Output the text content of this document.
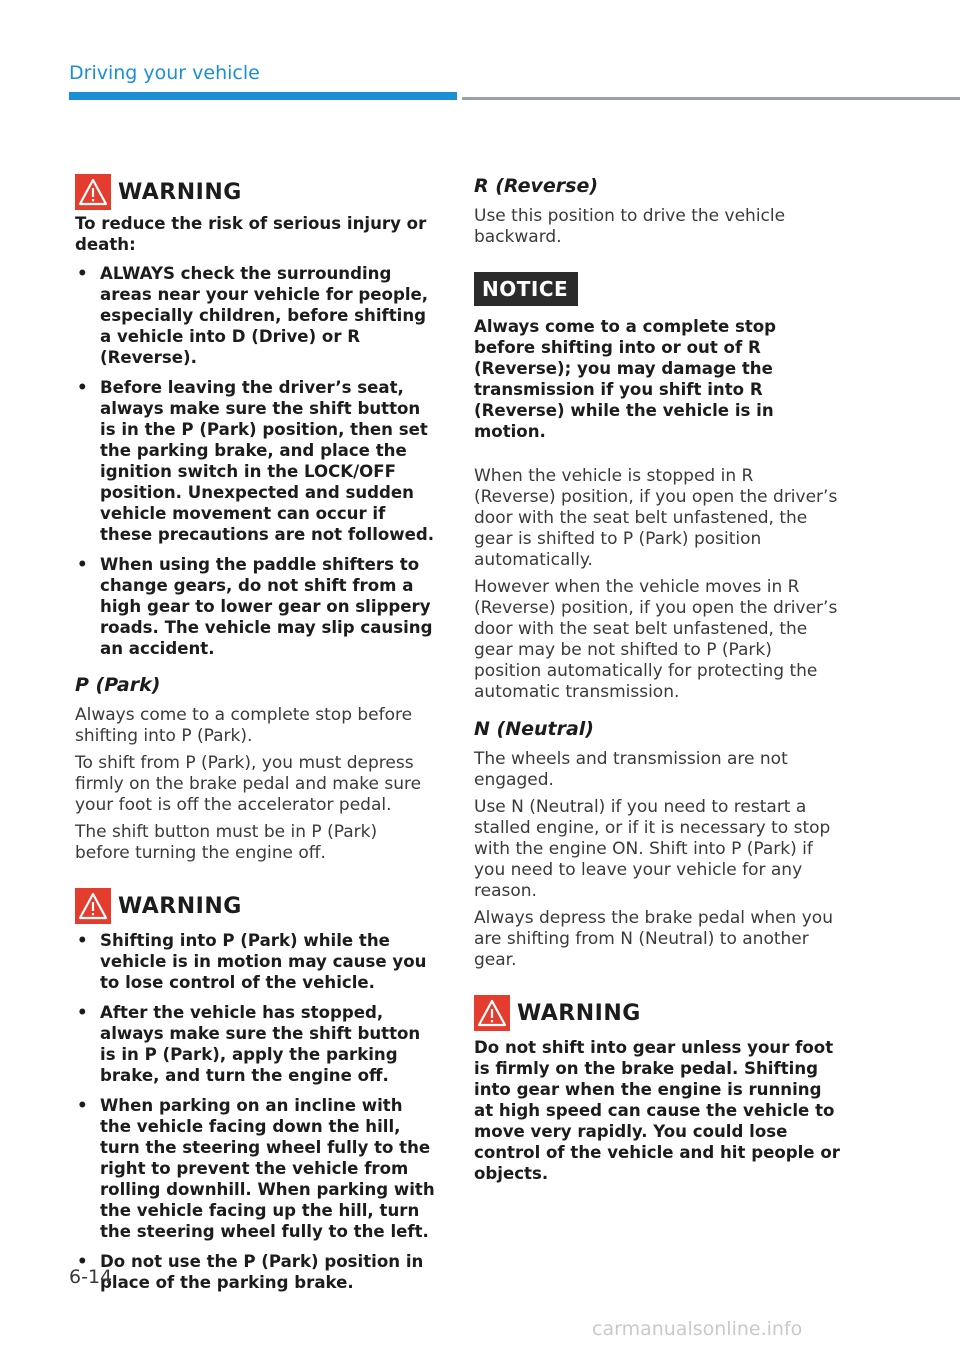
Driving your vehicle
WARNING

To reduce the risk of serious injury or death:

• ALWAYS check the surrounding areas near your vehicle for people, especially children, before shifting a vehicle into D (Drive) or R (Reverse).
• Before leaving the driver’s seat, always make sure the shift button is in the P (Park) position, then set the parking brake, and place the ignition switch in the LOCK/OFF position. Unexpected and sudden vehicle movement can occur if these precautions are not followed.
• When using the paddle shifters to change gears, do not shift from a high gear to lower gear on slippery roads. The vehicle may slip causing an accident.
P (Park)

Always come to a complete stop before shifting into P (Park).

To shift from P (Park), you must depress firmly on the brake pedal and make sure your foot is off the accelerator pedal.

The shift button must be in P (Park) before turning the engine off.

WARNING
• Shifting into P (Park) while the vehicle is in motion may cause you to lose control of the vehicle.
• After the vehicle has stopped, always make sure the shift button is in P (Park), apply the parking brake, and turn the engine off.
• When parking on an incline with the vehicle facing down the hill, turn the steering wheel fully to the right to prevent the vehicle from rolling downhill. When parking with the vehicle facing up the hill, turn the steering wheel fully to the left.
• Do not use the P (Park) position in place of the parking brake.
R (Reverse)

Use this position to drive the vehicle backward.

NOTICE

Always come to a complete stop before shifting into or out of R (Reverse); you may damage the transmission if you shift into R (Reverse) while the vehicle is in motion.

When the vehicle is stopped in R (Reverse) position, if you open the driver’s door with the seat belt unfastened, the gear is shifted to P (Park) position automatically.

However when the vehicle moves in R (Reverse) position, if you open the driver’s door with the seat belt unfastened, the gear may be not shifted to P (Park) position automatically for protecting the automatic transmission.

N (Neutral)

The wheels and transmission are not engaged.

Use N (Neutral) if you need to restart a stalled engine, or if it is necessary to stop with the engine ON. Shift into P (Park) if you need to leave your vehicle for any reason.

Always depress the brake pedal when you are shifting from N (Neutral) to another gear.

WARNING

Do not shift into gear unless your foot is firmly on the brake pedal. Shifting into gear when the engine is running at high speed can cause the vehicle to move very rapidly. You could lose control of the vehicle and hit people or objects.

6-14
carmanualsonline.info
